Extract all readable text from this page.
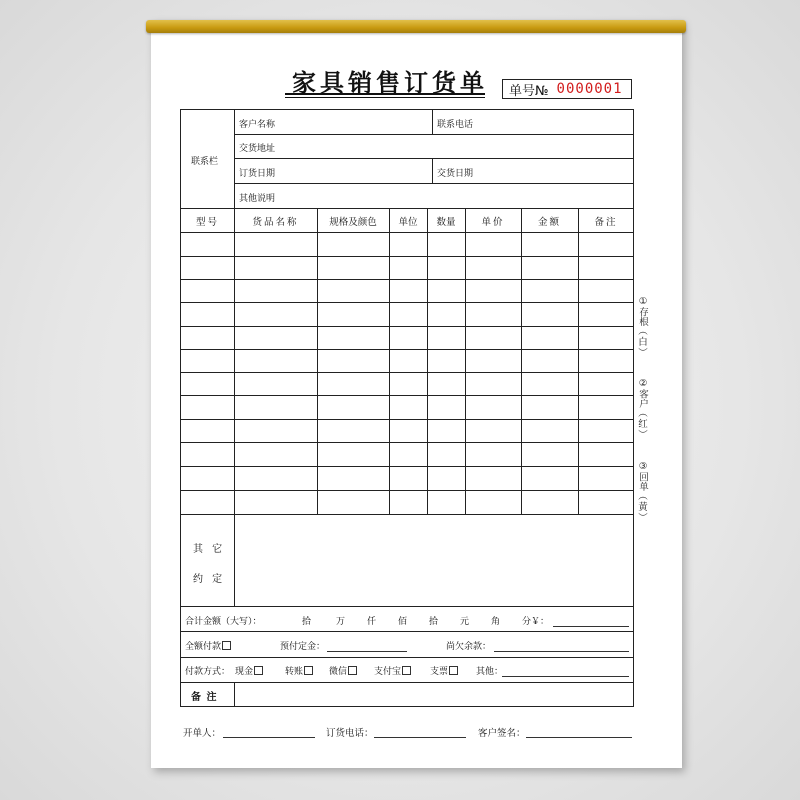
家具销售订货单	单号№ 0000001
联系栏
客户名称	联系电话
交货地址
订货日期	交货日期
其他说明
型号	货品名称	规格及颜色	单位	数量	单价	金额	备注
其 它
约 定
合计金额（大写）：	拾	万 仟 佰 拾 元 角 分￥：
全额付款	预付定金：	尚欠余款：
付款方式： 现金	转账	微信	支付宝	支票	其他：
备 注
①
存根
︵
白
︶
②
客户
︵
红
︶
③
回单
︵
黄
︶
开单人：	订货电话：	客户签名：
